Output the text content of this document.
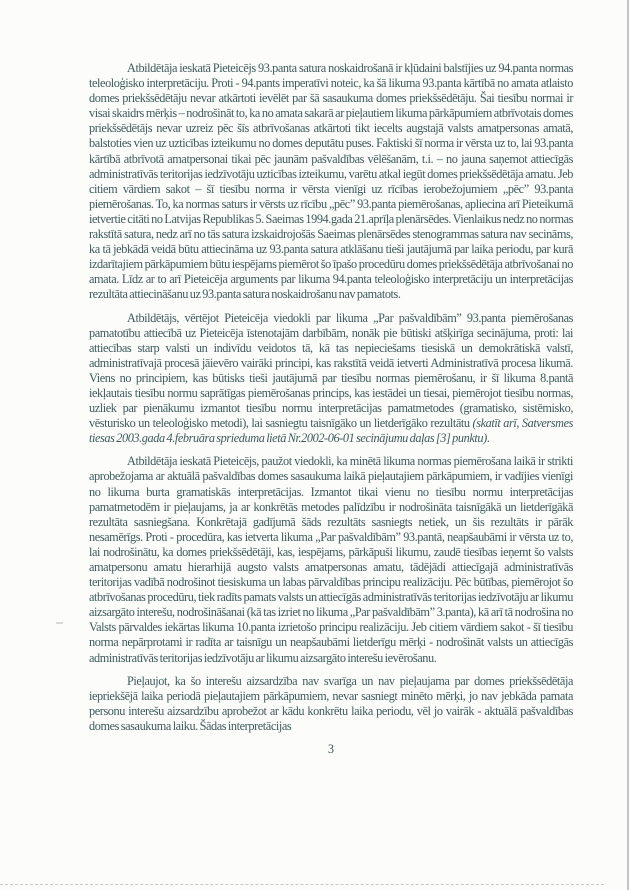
Atbildētāja ieskatā Pieteicējs 93.panta satura noskaidrošanā ir kļūdaini balstījies uz 94.panta normas teleoloģisko interpretāciju. Proti - 94.pants imperatīvi noteic, ka šā likuma 93.panta kārtībā no amata atlaisto domes priekšsēdētāju nevar atkārtoti ievēlēt par šā sasaukuma domes priekšsēdētāju. Šai tiesību normai ir visai skaidrs mērķis – nodrošināt to, ka no amata sakarā ar pieļautiem likuma pārkāpumiem atbrīvotais domes priekšsēdētājs nevar uzreiz pēc šīs atbrīvošanas atkārtoti tikt iecelts augstajā valsts amatpersonas amatā, balstoties vien uz uzticības izteikumu no domes deputātu puses. Faktiski šī norma ir vērsta uz to, lai 93.panta kārtībā atbrīvotā amatpersonai tikai pēc jaunām pašvaldības vēlēšanām, t.i. – no jauna saņemot attiecīgās administratīvās teritorijas iedzīvotāju uzticības izteikumu, varētu atkal iegūt domes priekšsēdētāja amatu. Jeb citiem vārdiem sakot – šī tiesību norma ir vērsta vienīgi uz rīcības ierobežojumiem „pēc” 93.panta piemērošanas. To, ka normas saturs ir vērsts uz rīcību „pēc” 93.panta piemērošanas, apliecina arī Pieteikumā ietvertie citāti no Latvijas Republikas 5. Saeimas 1994.gada 21.aprīļa plenārsēdes. Vienlaikus nedz no normas rakstītā satura, nedz arī no tās satura izskaidrojošās Saeimas plenārsēdes stenogrammas satura nav secināms, ka tā jebkādā veidā būtu attiecināma uz 93.panta satura atklāšanu tieši jautājumā par laika periodu, par kurā izdarītajiem pārkāpumiem būtu iespējams piemērot šo īpašo procedūru domes priekšsēdētāja atbrīvošanai no amata. Līdz ar to arī Pieteicēja arguments par likuma 94.panta teleoloģisko interpretāciju un interpretācijas rezultāta attiecināšanu uz 93.panta satura noskaidrošanu nav pamatots.

Atbildētājs, vērtējot Pieteicēja viedokli par likuma „Par pašvaldībām” 93.panta piemērošanas pamatotību attiecībā uz Pieteicēja īstenotajām darbībām, nonāk pie būtiski atšķirīga secinājuma, proti: lai attiecības starp valsti un indivīdu veidotos tā, kā tas nepieciešams tiesiskā un demokrātiskā valstī, administratīvajā procesā jāievēro vairāki principi, kas rakstītā veidā ietverti Administratīvā procesa likumā. Viens no principiem, kas būtisks tieši jautājumā par tiesību normas piemērošanu, ir šī likuma 8.pantā iekļautais tiesību normu saprātīgas piemērošanas princips, kas iestādei un tiesai, piemērojot tiesību normas, uzliek par pienākumu izmantot tiesību normu interpretācijas pamatmetodes (gramatisko, sistēmisko, vēsturisko un teleoloģisko metodi), lai sasniegtu taisnīgāko un lietderīgāko rezultātu (skatīt arī, Satversmes tiesas 2003.gada 4.februāra sprieduma lietā Nr.2002-06-01 secinājumu daļas [3] punktu).

Atbildētāja ieskatā Pieteicējs, paužot viedokli, ka minētā likuma normas piemērošana laikā ir strikti aprobežojama ar aktuālā pašvaldības domes sasaukuma laikā pieļautajiem pārkāpumiem, ir vadījies vienīgi no likuma burta gramatiskās interpretācijas. Izmantot tikai vienu no tiesību normu interpretācijas pamatmetodēm ir pieļaujams, ja ar konkrētās metodes palīdzību ir nodrošināta taisnīgākā un lietderīgākā rezultāta sasniegšana. Konkrētajā gadījumā šāds rezultāts sasniegts netiek, un šis rezultāts ir pārāk nesamērīgs. Proti - procedūra, kas ietverta likuma „Par pašvaldībām” 93.pantā, neapšaubāmi ir vērsta uz to, lai nodrošinātu, ka domes priekšsēdētāji, kas, iespējams, pārkāpuši likumu, zaudē tiesības ieņemt šo valsts amatpersonu amatu hierarhijā augsto valsts amatpersonas amatu, tādējādi attiecīgajā administratīvās teritorijas vadībā nodrošinot tiesiskuma un labas pārvaldības principu realizāciju. Pēc būtības, piemērojot šo atbrīvošanas procedūru, tiek radīts pamats valsts un attiecīgās administratīvās teritorijas iedzīvotāju ar likumu aizsargāto interešu, nodrošināšanai (kā tas izriet no likuma „Par pašvaldībām” 3.panta), kā arī tā nodrošina no Valsts pārvaldes iekārtas likuma 10.panta izrietošo principu realizāciju. Jeb citiem vārdiem sakot - šī tiesību norma nepārprotami ir radīta ar taisnīgu un neapšaubāmi lietderīgu mērķi - nodrošināt valsts un attiecīgās administratīvās teritorijas iedzīvotāju ar likumu aizsargāto interešu ievērošanu.

Pieļaujot, ka šo interešu aizsardzība nav svarīga un nav pieļaujama par domes priekšsēdētāja iepriekšējā laika periodā pieļautajiem pārkāpumiem, nevar sasniegt minēto mērķi, jo nav jebkāda pamata personu interešu aizsardzību aprobežot ar kādu konkrētu laika periodu, vēl jo vairāk - aktuālā pašvaldības domes sasaukuma laiku. Šādas interpretācijas

3
